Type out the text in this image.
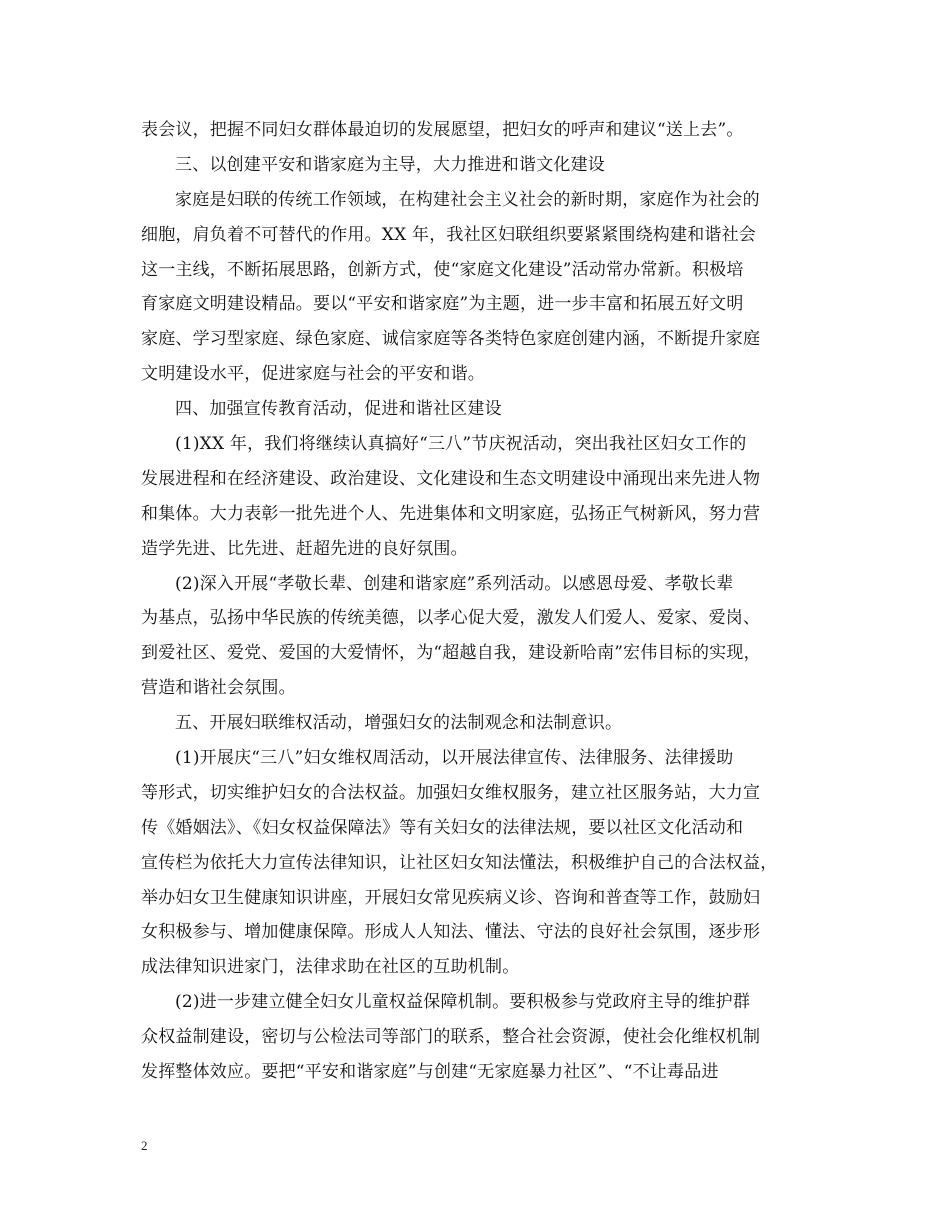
表会议，把握不同妇女群体最迫切的发展愿望，把妇女的呼声和建议“送上去”。
三、以创建平安和谐家庭为主导，大力推进和谐文化建设
家庭是妇联的传统工作领域，在构建社会主义社会的新时期，家庭作为社会的
细胞，肩负着不可替代的作用。XX 年，我社区妇联组织要紧紧围绕构建和谐社会
这一主线，不断拓展思路，创新方式，使“家庭文化建设”活动常办常新。积极培
育家庭文明建设精品。要以“平安和谐家庭”为主题，进一步丰富和拓展五好文明
家庭、学习型家庭、绿色家庭、诚信家庭等各类特色家庭创建内涵，不断提升家庭
文明建设水平，促进家庭与社会的平安和谐。
四、加强宣传教育活动，促进和谐社区建设
(1)XX 年，我们将继续认真搞好“三八”节庆祝活动，突出我社区妇女工作的
发展进程和在经济建设、政治建设、文化建设和生态文明建设中涌现出来先进人物
和集体。大力表彰一批先进个人、先进集体和文明家庭，弘扬正气树新风，努力营
造学先进、比先进、赶超先进的良好氛围。
(2)深入开展“孝敬长辈、创建和谐家庭”系列活动。以感恩母爱、孝敬长辈
为基点，弘扬中华民族的传统美德，以孝心促大爱，激发人们爱人、爱家、爱岗、
到爱社区、爱党、爱国的大爱情怀，为“超越自我，建设新哈南”宏伟目标的实现，
营造和谐社会氛围。
五、开展妇联维权活动，增强妇女的法制观念和法制意识。
(1)开展庆“三八”妇女维权周活动，以开展法律宣传、法律服务、法律援助
等形式，切实维护妇女的合法权益。加强妇女维权服务，建立社区服务站，大力宣
传《婚姻法》、《妇女权益保障法》等有关妇女的法律法规，要以社区文化活动和
宣传栏为依托大力宣传法律知识，让社区妇女知法懂法，积极维护自己的合法权益，
举办妇女卫生健康知识讲座，开展妇女常见疾病义诊、咨询和普查等工作，鼓励妇
女积极参与、增加健康保障。形成人人知法、懂法、守法的良好社会氛围，逐步形
成法律知识进家门，法律求助在社区的互助机制。
(2)进一步建立健全妇女儿童权益保障机制。要积极参与党政府主导的维护群
众权益制建设，密切与公检法司等部门的联系，整合社会资源，使社会化维权机制
发挥整体效应。要把“平安和谐家庭”与创建“无家庭暴力社区”、“不让毒品进
2
